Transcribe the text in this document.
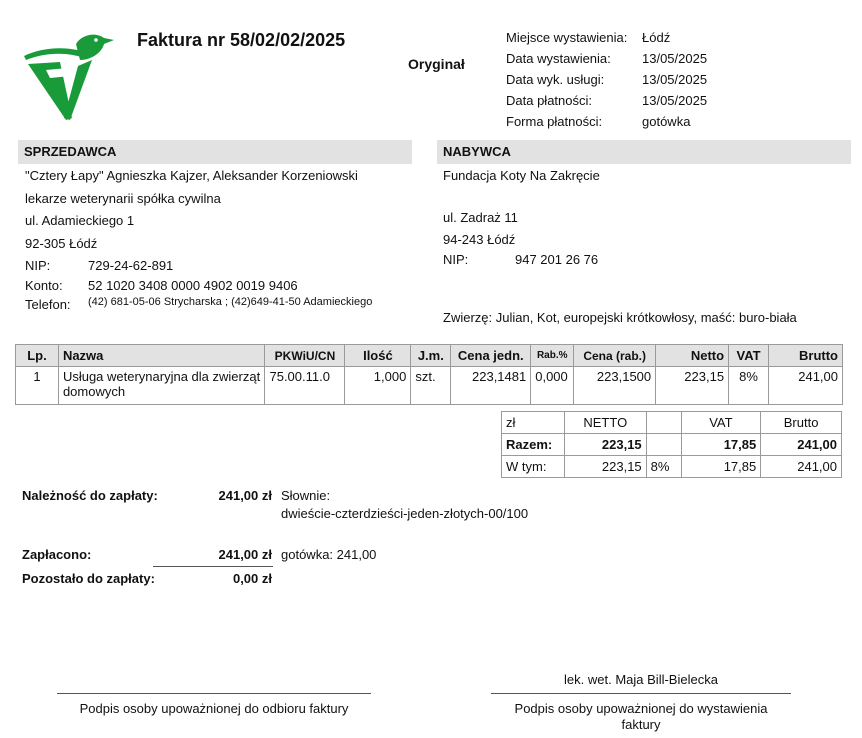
Faktura nr 58/02/02/2025
Oryginał
Miejsce wystawienia:	Łódź
Data wystawienia:	13/05/2025
Data wyk. usługi:	13/05/2025
Data płatności:	13/05/2025
Forma płatności:	gotówka
SPRZEDAWCA
"Cztery Łapy" Agnieszka Kajzer, Aleksander Korzeniowski
lekarze weterynarii spółka cywilna
ul. Adamieckiego 1
92-305 Łódź
NIP:	729-24-62-891
Konto: 52 1020 3408 0000 4902 0019 9406
Telefon: (42) 681-05-06 Strycharska ; (42)649-41-50 Adamieckiego
NABYWCA
Fundacja Koty Na Zakręcie
ul. Zadraż 11
94-243 Łódź
NIP:	947 201 26 76
Zwierzę: Julian, Kot, europejski krótkowłosy, maść: buro-biała
Lp.	Nazwa	PKWiU/CN	Ilość	J.m.	Cena jedn.	Rab.%	Cena (rab.)	Netto	VAT	Brutto
1	Usługa weterynaryjna dla zwierząt domowych	75.00.11.0	1,000	szt.	223,1481	0,000	223,1500	223,15	8%	241,00
zł	NETTO		VAT	Brutto
Razem:	223,15		17,85	241,00
W tym:	223,15	8%	17,85	241,00
Należność do zapłaty:	241,00 zł Słownie:
dwieście-czterdzieści-jeden-złotych-00/100
Zapłacono:	241,00 zł gotówka: 241,00
Pozostało do zapłaty:	0,00 zł
lek. wet. Maja Bill-Bielecka
Podpis osoby upoważnionej do odbioru faktury	Podpis osoby upoważnionej do wystawienia
faktury
